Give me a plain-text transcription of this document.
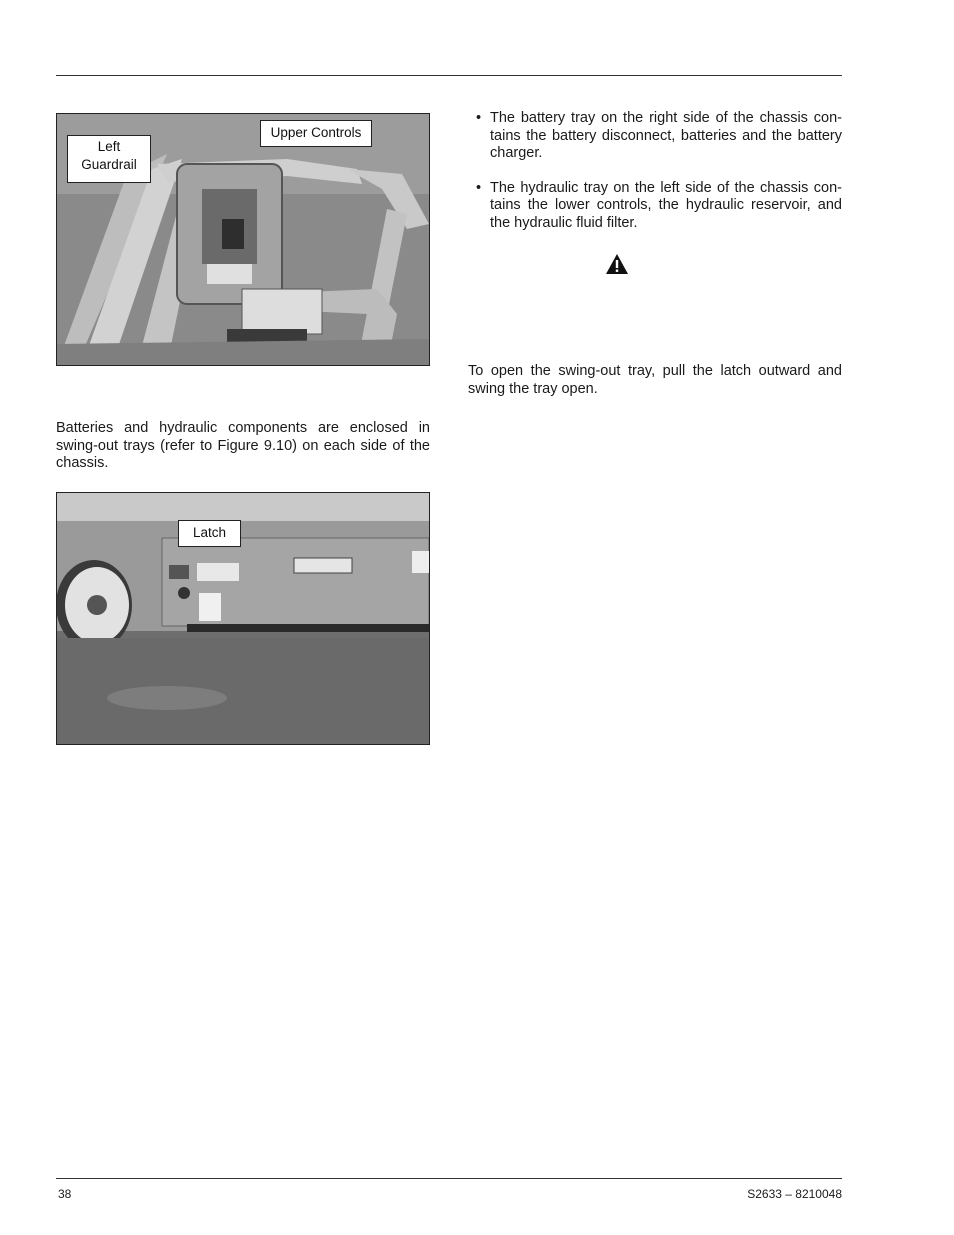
Left
Guardrail
Upper Controls
Batteries and hydraulic components are enclosed in swing-out trays (refer to Figure 9.10) on each side of the chassis.
Latch
• The battery tray on the right side of the chassis con- tains the battery disconnect, batteries and the battery charger.
• The hydraulic tray on the left side of the chassis con- tains the lower controls, the hydraulic reservoir, and the hydraulic fluid filter.
To open the swing-out tray, pull the latch outward and swing the tray open.
38	S2633 – 8210048
